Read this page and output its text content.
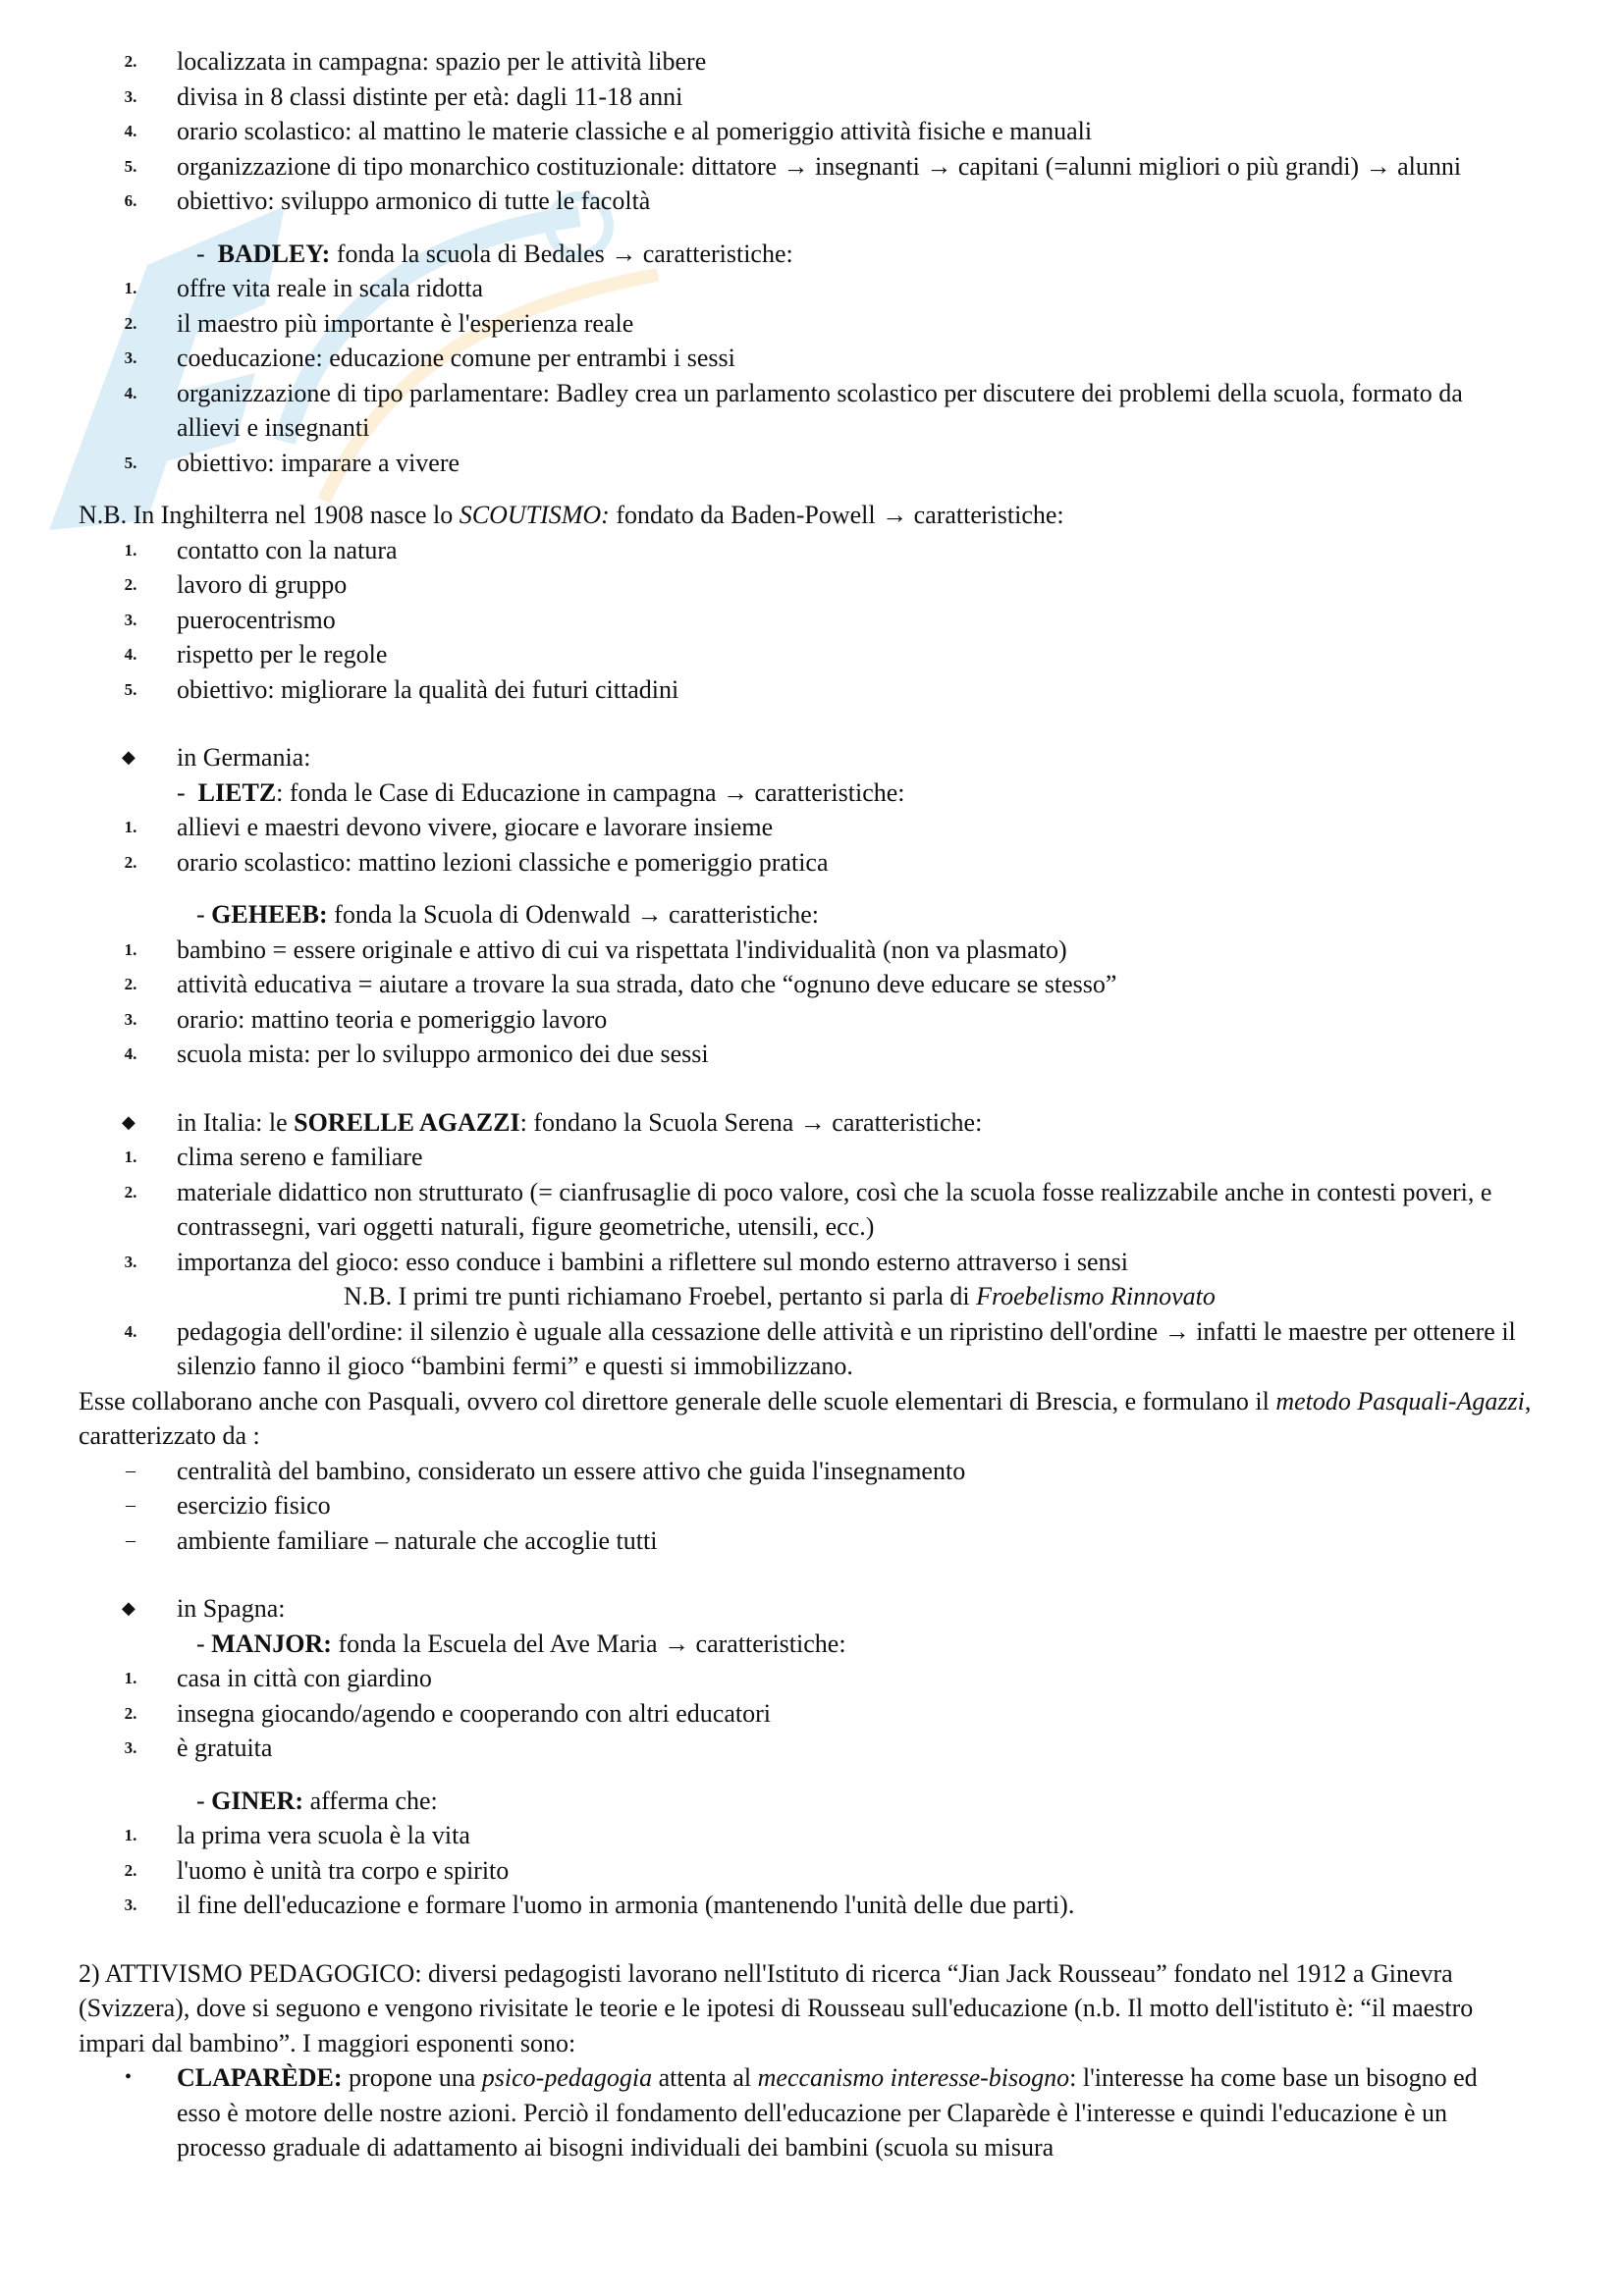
2.	localizzata in campagna: spazio per le attività libere
3.	divisa in 8 classi distinte per età: dagli 11-18 anni
4.	orario scolastico: al mattino le materie classiche e al pomeriggio attività fisiche e manuali
5.	organizzazione di tipo monarchico costituzionale: dittatore → insegnanti → capitani (=alunni migliori o più grandi) → alunni
6.	obiettivo: sviluppo armonico di tutte le facoltà
- BADLEY: fonda la scuola di Bedales → caratteristiche:
1.	offre vita reale in scala ridotta
2.	il maestro più importante è l'esperienza reale
3.	coeducazione: educazione comune per entrambi i sessi
4.	organizzazione di tipo parlamentare: Badley crea un parlamento scolastico per discutere dei problemi della scuola, formato da allievi e insegnanti
5.	obiettivo: imparare a vivere
N.B. In Inghilterra nel 1908 nasce lo SCOUTISMO: fondato da Baden-Powell → caratteristiche:
1.	contatto con la natura
2.	lavoro di gruppo
3.	puerocentrismo
4.	rispetto per le regole
5.	obiettivo: migliorare la qualità dei futuri cittadini
◆ in Germania:
- LIETZ: fonda le Case di Educazione in campagna → caratteristiche:
1.	allievi e maestri devono vivere, giocare e lavorare insieme
2.	orario scolastico: mattino lezioni classiche e pomeriggio pratica
- GEHEEB: fonda la Scuola di Odenwald → caratteristiche:
1.	bambino = essere originale e attivo di cui va rispettata l'individualità (non va plasmato)
2.	attività educativa = aiutare a trovare la sua strada, dato che “ognuno deve educare se stesso”
3.	orario: mattino teoria e pomeriggio lavoro
4.	scuola mista: per lo sviluppo armonico dei due sessi
◆ in Italia: le SORELLE AGAZZI: fondano la Scuola Serena → caratteristiche:
1.	clima sereno e familiare
2.	materiale didattico non strutturato (= cianfrusaglie di poco valore, così che la scuola fosse realizzabile anche in contesti poveri, e contrassegni, vari oggetti naturali, figure geometriche, utensili, ecc.)
3.	importanza del gioco: esso conduce i bambini a riflettere sul mondo esterno attraverso i sensi
N.B. I primi tre punti richiamano Froebel, pertanto si parla di Froebelismo Rinnovato
4.	pedagogia dell'ordine: il silenzio è uguale alla cessazione delle attività e un ripristino dell'ordine → infatti le maestre per ottenere il silenzio fanno il gioco “bambini fermi” e questi si immobilizzano.
Esse collaborano anche con Pasquali, ovvero col direttore generale delle scuole elementari di Brescia, e formulano il metodo Pasquali-Agazzi, caratterizzato da :
–	centralità del bambino, considerato un essere attivo che guida l'insegnamento
–	esercizio fisico
–	ambiente familiare – naturale che accoglie tutti
◆ in Spagna:
- MANJOR: fonda la Escuela del Ave Maria → caratteristiche:
1.	casa in città con giardino
2.	insegna giocando/agendo e cooperando con altri educatori
3.	è gratuita
- GINER: afferma che:
1.	la prima vera scuola è la vita
2.	l'uomo è unità tra corpo e spirito
3.	il fine dell'educazione e formare l'uomo in armonia (mantenendo l'unità delle due parti).
2) ATTIVISMO PEDAGOGICO: diversi pedagogisti lavorano nell'Istituto di ricerca “Jian Jack Rousseau” fondato nel 1912 a Ginevra (Svizzera), dove si seguono e vengono rivisitate le teorie e le ipotesi di Rousseau sull'educazione (n.b. Il motto dell'istituto è: “il maestro impari dal bambino”. I maggiori esponenti sono:
• CLAPARÈDE: propone una psico-pedagogia attenta al meccanismo interesse-bisogno: l'interesse ha come base un bisogno ed esso è motore delle nostre azioni. Perciò il fondamento dell'educazione per Claparède è l'interesse e quindi l'educazione è un processo graduale di adattamento ai bisogni individuali dei bambini (scuola su misura
